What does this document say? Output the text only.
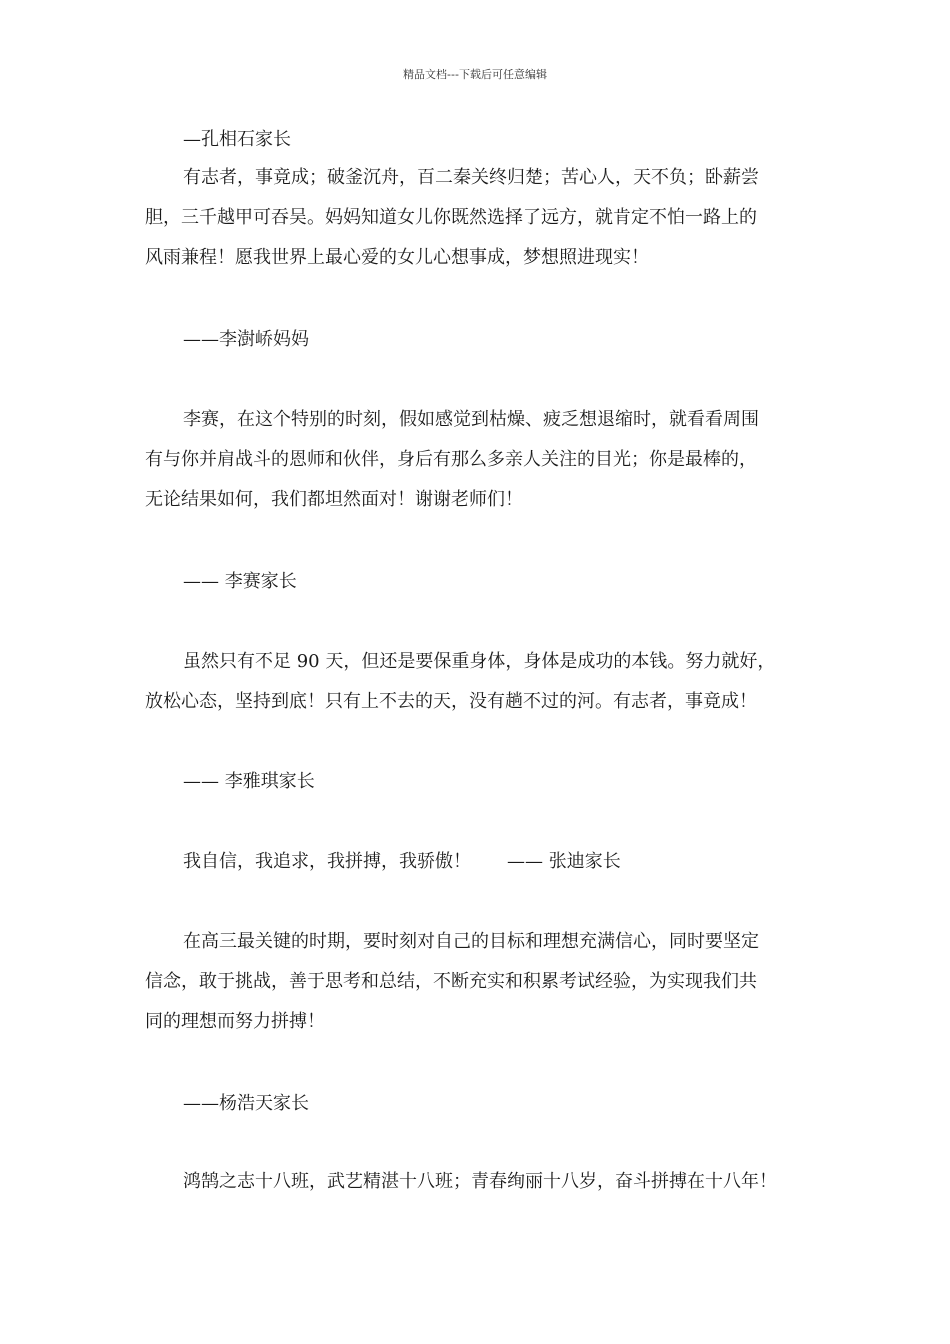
精品文档---下载后可任意编辑
—孔相石家长
有志者，事竟成；破釜沉舟，百二秦关终归楚；苦心人，天不负；卧薪尝
胆，三千越甲可吞吴。妈妈知道女儿你既然选择了远方，就肯定不怕一路上的
风雨兼程！愿我世界上最心爱的女儿心想事成，梦想照进现实！
——李澍峤妈妈
李赛，在这个特别的时刻，假如感觉到枯燥、疲乏想退缩时，就看看周围
有与你并肩战斗的恩师和伙伴，身后有那么多亲人关注的目光；你是最棒的，
无论结果如何，我们都坦然面对！谢谢老师们！
—— 李赛家长
虽然只有不足 90 天，但还是要保重身体，身体是成功的本钱。努力就好，
放松心态，坚持到底！只有上不去的天，没有趟不过的河。有志者，事竟成！
—— 李雅琪家长
我自信，我追求，我拼搏，我骄傲！　　—— 张迪家长
在高三最关键的时期，要时刻对自己的目标和理想充满信心，同时要坚定
信念，敢于挑战，善于思考和总结，不断充实和积累考试经验，为实现我们共
同的理想而努力拼搏！
——杨浩天家长
鸿鹄之志十八班，武艺精湛十八班；青春绚丽十八岁，奋斗拼搏在十八年！
